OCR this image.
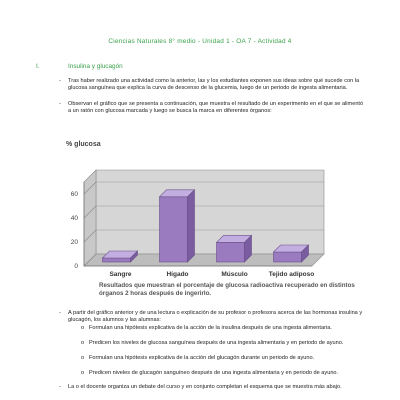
Ciencias Naturales 8° medio - Unidad 1 - OA 7 - Actividad 4
I.	Insulina y glucagón
- Tras haber realizado una actividad como la anterior, las y los estudiantes exponen sus ideas sobre qué sucede con la glucosa sanguínea que explica la curva de descenso de la glucemia, luego de un periodo de ingesta alimentaria.

- Observan el gráfico que se presenta a continuación, que muestra el resultado de un experimento en el que se alimentó a un ratón con glucosa marcada y luego se busca la marca en diferentes órganos:

0
20
40
60
% glucosa
Sangre	Hígado	Músculo	Tejido adiposo
Resultados que muestran el porcentaje de glucosa radioactiva recuperado en distintos órganos 2 horas después de ingerirlo.
- A partir del gráfico anterior y de una lectura o explicación de su profesor o profesora acerca de las hormonas insulina y glucagón, los alumnos y las alumnas:

o Formulan una hipótesis explicativa de la acción de la insulina después de una ingesta alimentaria.

o Predicen los niveles de glucosa sanguínea después de una ingesta alimentaria y en periodo de ayuno.

o Formulan una hipótesis explicativa de la acción del glucagón durante un periodo de ayuno.

o Predicen niveles de glucagón sanguíneo después de una ingesta alimentaria y en periodo de ayuno.

- La o el docente organiza un debate del curso y en conjunto completan el esquema que se muestra más abajo.
